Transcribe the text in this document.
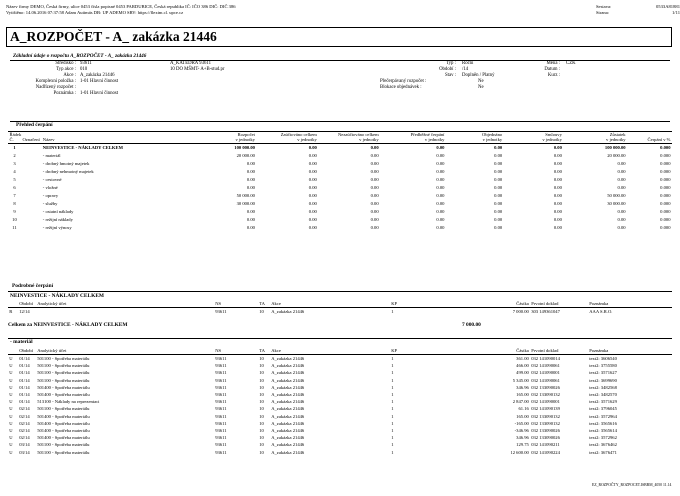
Název firmy DEMO, Česká firmy, ulice 0453 čísla popisné 0453 PARDUBICE, Česká republika IČ: IČO 386 DIČ: DIČ 386
Vytištěno: 14.06.2016 07:37:58 Adam Autimás DB: UP ADEMO SRV: https://flexim.cl. upce.cz
Sestava:	0533A81881
Strana:	1/11
A_ROZPOČET - A_ zakázka 21446
Základní údaje o rozpočtu A_ROZPOČET - A_ zakázka 21446
Středisko : 93611	A_KATEDRA 93611
Typ akce : 010	10 DO MŠMT- A+B-stud.pr
Akce : A_zakázka 21446
Komplexní položka : 1-01 Hlavní činnost
Nadřízený rozpočet :
Poznámka : 1-01 Hlavní činnost
Typ : Roční
Období : /14
Stav : Doplněn / Platný
Přečerpávaný rozpočet :	Ne
Blokace objednávek :	Ne
Měna : CZK
Datum :
Kurz :
Přehled čerpání
Řádek			Rozpočet	Zaúčtováno celkem	Nezaúčtováno celkem	Předběžné čerpání	Objednáno	Smlouvy	Zůstatek	
Č.	Označení	Název	v jednotky	v jednotky	v jednotky	v jednotky	v jednotky	v jednotky	v jednotky	Čerpání v %
1		NEINVESTICE - NÁKLADY CELKEM	100 000.00	0.00	0.00	0.00	0.00	0.00	100 000.00	0.000
2		- materiál	20 000.00	0.00	0.00	0.00	0.00	0.00	20 000.00	0.000
3		- drobný hmotný majetek	0.00	0.00	0.00	0.00	0.00	0.00	0.00	0.000
4		- drobný nehmotný majetek	0.00	0.00	0.00	0.00	0.00	0.00	0.00	0.000
5		- cestovné	0.00	0.00	0.00	0.00	0.00	0.00	0.00	0.000
6		- vložné	0.00	0.00	0.00	0.00	0.00	0.00	0.00	0.000
7		- opravy	50 000.00	0.00	0.00	0.00	0.00	0.00	50 000.00	0.000
8		- služby	30 000.00	0.00	0.00	0.00	0.00	0.00	30 000.00	0.000
9		- ostatní náklady	0.00	0.00	0.00	0.00	0.00	0.00	0.00	0.000
10		- režijní náklady	0.00	0.00	0.00	0.00	0.00	0.00	0.00	0.000
11		- režijní výnosy	0.00	0.00	0.00	0.00	0.00	0.00	0.00	0.000
Podrobné čerpání
NEINVESTICE - NÁKLADY CELKEM
	Období	Analytický účet	NS	TA	Akce	KP	Částka	Prvotní doklad	Poznámka
R	12/14		93611	10	A_zakázka 21446	1	7 000.00	303 149361047	AAA S.R.O.
Celkem za NEINVESTICE - NÁKLADY CELKEM	7 000.00
- materiál
	Období	Analytický účet	NS	TA	Akce	KP	Částka	Prvotní doklad	Poznámka
U	01/14	501100 - Spotřeba materiálu	93611	10	A_zakázka 21446	1	361.00	032 141090014	text2: 3606540
U	01/14	501100 - Spotřeba materiálu	93611	10	A_zakázka 21446	1	466.00	032 141090061	text2: 3755580
U	01/14	501100 - Spotřeba materiálu	93611	10	A_zakázka 21446	1	499.00	032 141090001	text2: 3571627
U	01/14	501100 - Spotřeba materiálu	93611	10	A_zakázka 21446	1	5 345.00	032 141090061	text2: 3699690
U	01/14	501400 - Spotřeba materiálu	93611	10	A_zakázka 21446	1	346.96	032 133090026	text2: 3482568
U	01/14	501400 - Spotřeba materiálu	93611	10	A_zakázka 21446	1	165.00	032 133090132	text2: 3482570
U	01/14	513100 - Náklady na reprezentaci	93611	10	A_zakázka 21446	1	2 847.00	032 141090001	text2: 3571629
U	02/14	501100 - Spotřeba materiálu	93611	10	A_zakázka 21446	1	61.16	032 141090139	text2: 3796045
U	02/14	501400 - Spotřeba materiálu	93611	10	A_zakázka 21446	1	165.00	032 133090132	text2: 3572964
U	02/14	501400 - Spotřeba materiálu	93611	10	A_zakázka 21446	1	-165.00	032 133090132	text2: 3565616
U	02/14	501400 - Spotřeba materiálu	93611	10	A_zakázka 21446	1	-346.96	032 133090026	text2: 3565614
U	02/14	501400 - Spotřeba materiálu	93611	10	A_zakázka 21446	1	346.96	032 133090026	text2: 3572962
U	03/14	501100 - Spotřeba materiálu	93611	10	A_zakázka 21446	1	129.75	032 141090211	text2: 3676462
U	03/14	501100 - Spotřeba materiálu	93611	10	A_zakázka 21446	1	12 600.00	032 141090224	text2: 3676471
EZ_ROZPOČTY_ROZPOCET.ISBBM_4050 11.14
